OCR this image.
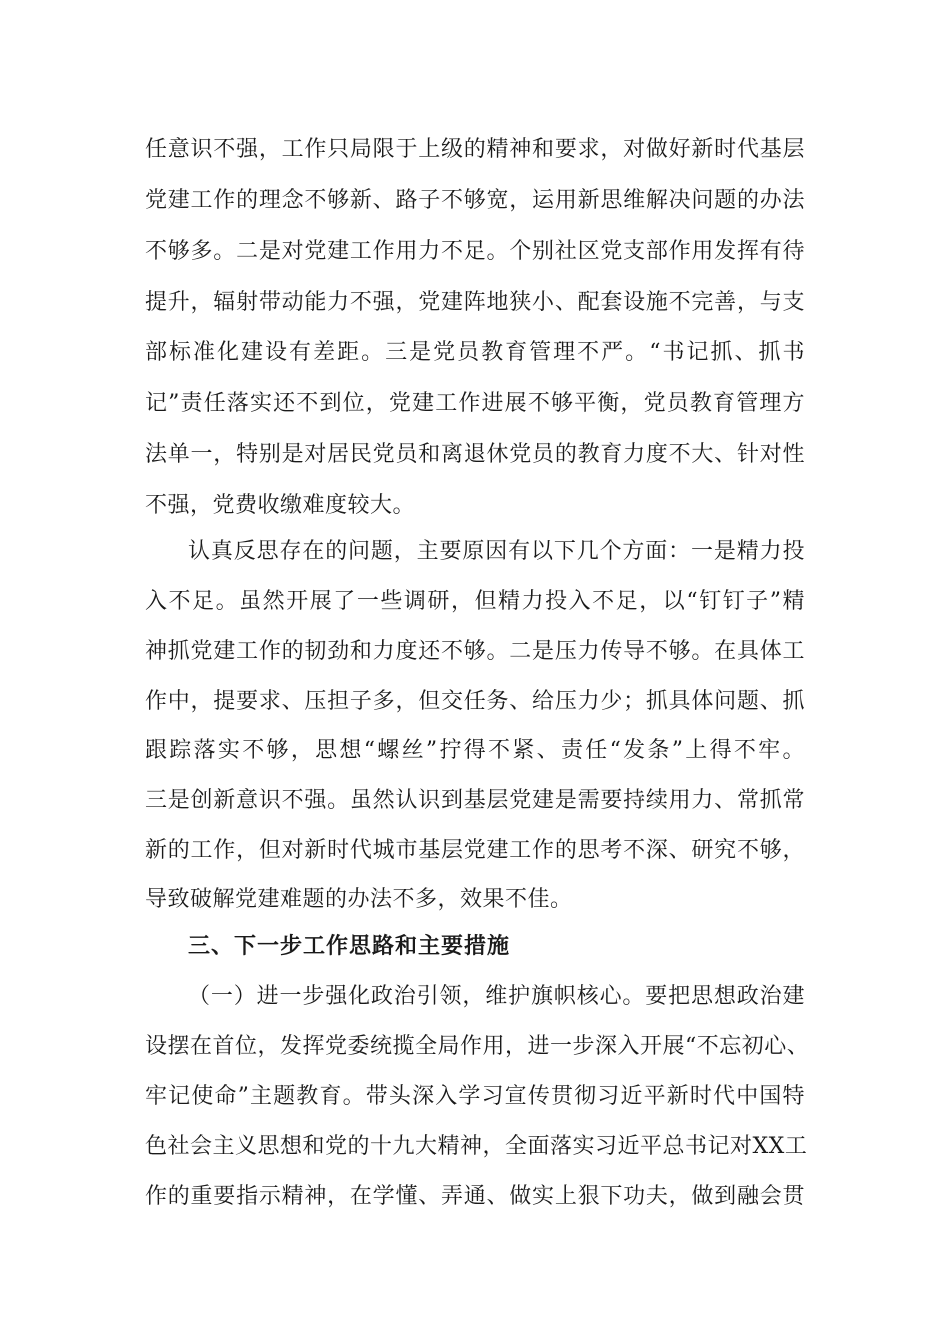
任意识不强，工作只局限于上级的精神和要求，对做好新时代基层
党建工作的理念不够新、路子不够宽，运用新思维解决问题的办法
不够多。二是对党建工作用力不足。个别社区党支部作用发挥有待
提升，辐射带动能力不强，党建阵地狭小、配套设施不完善，与支
部标准化建设有差距。三是党员教育管理不严。“书记抓、抓书
记”责任落实还不到位，党建工作进展不够平衡，党员教育管理方
法单一，特别是对居民党员和离退休党员的教育力度不大、针对性
不强，党费收缴难度较大。
认真反思存在的问题，主要原因有以下几个方面：一是精力投
入不足。虽然开展了一些调研，但精力投入不足，以“钉钉子”精
神抓党建工作的韧劲和力度还不够。二是压力传导不够。在具体工
作中，提要求、压担子多，但交任务、给压力少；抓具体问题、抓
跟踪落实不够，思想“螺丝”拧得不紧、责任“发条”上得不牢。
三是创新意识不强。虽然认识到基层党建是需要持续用力、常抓常
新的工作，但对新时代城市基层党建工作的思考不深、研究不够，
导致破解党建难题的办法不多，效果不佳。
三、下一步工作思路和主要措施
（一）进一步强化政治引领，维护旗帜核心。要把思想政治建
设摆在首位，发挥党委统揽全局作用，进一步深入开展“不忘初心、
牢记使命”主题教育。带头深入学习宣传贯彻习近平新时代中国特
色社会主义思想和党的十九大精神，全面落实习近平总书记对XX工
作的重要指示精神，在学懂、弄通、做实上狠下功夫，做到融会贯
